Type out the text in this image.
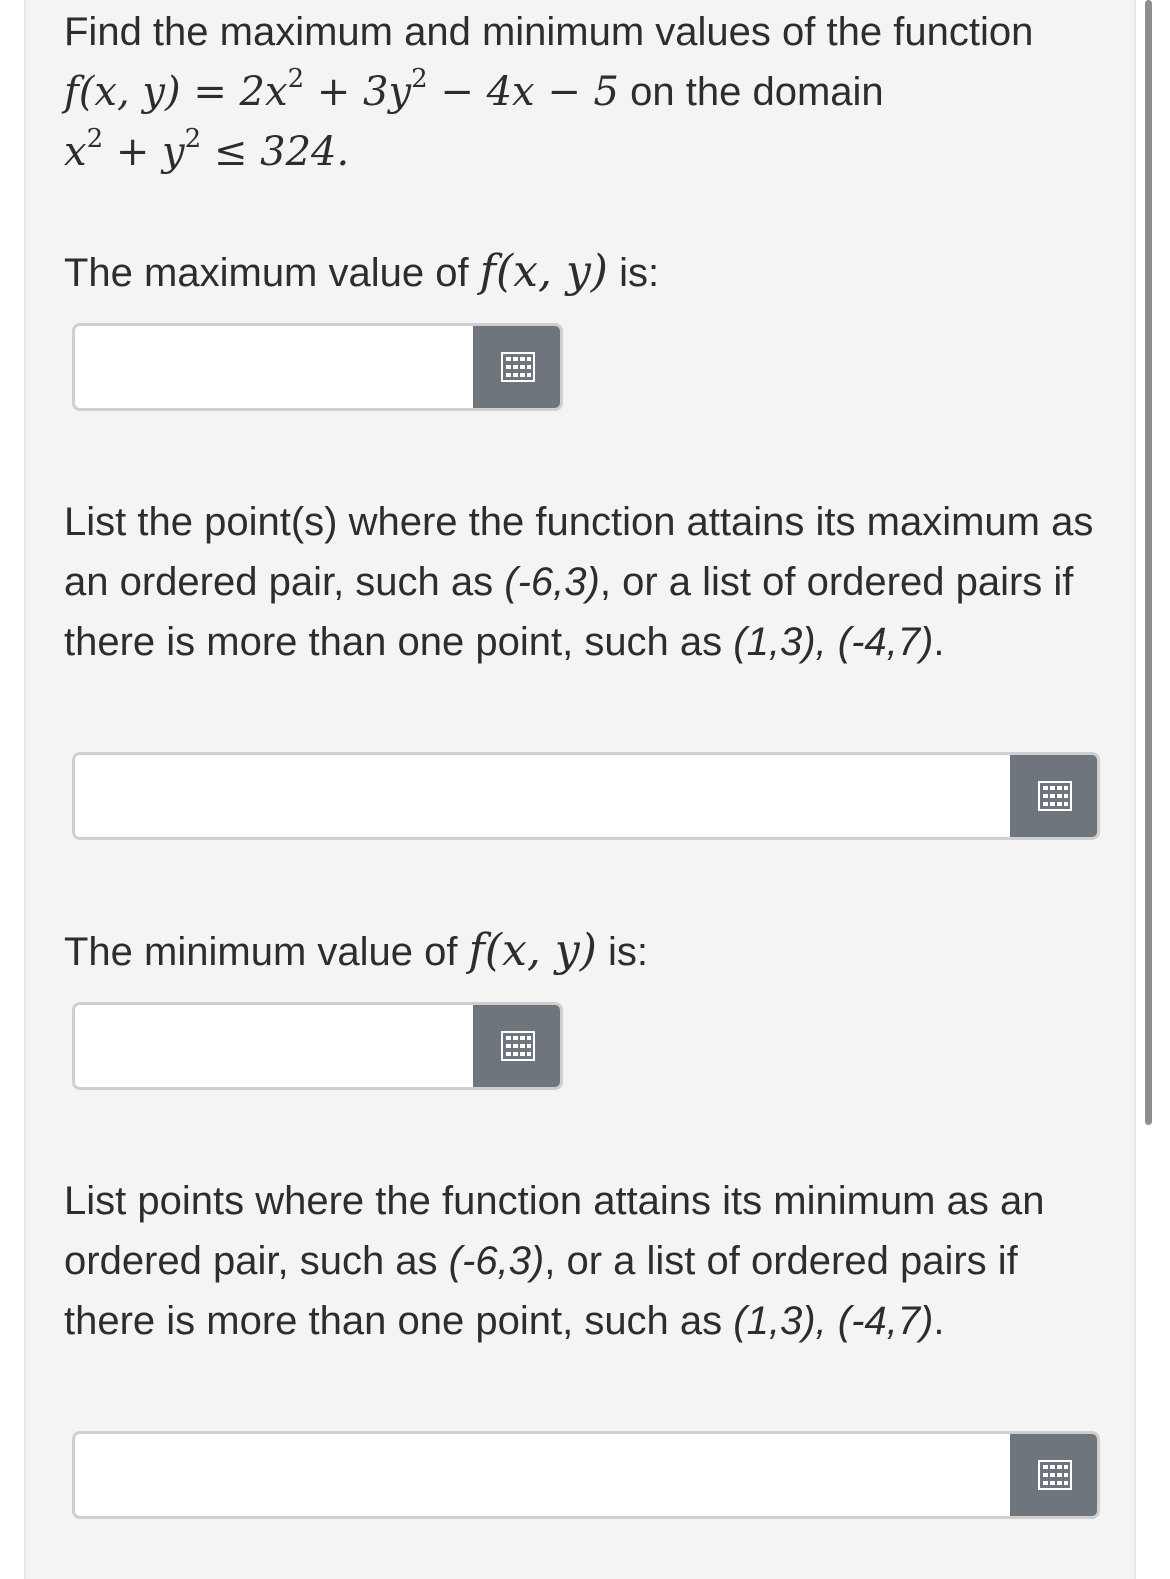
Find the maximum and minimum values of the function
f(x, $y) = 2x^2 + 3y^2 - 4x - 5$ on the domain
$x^2 + y^2 \le 324$.
The maximum value of f(x, y) is:
List the point(s) where the function attains its maximum as an ordered pair, such as (-6,3), or a list of ordered pairs if there is more than one point, such as (1,3), (-4,7).
The minimum value of f(x, y) is:
List points where the function attains its minimum as an ordered pair, such as (-6,3), or a list of ordered pairs if there is more than one point, such as (1,3), (-4,7).
